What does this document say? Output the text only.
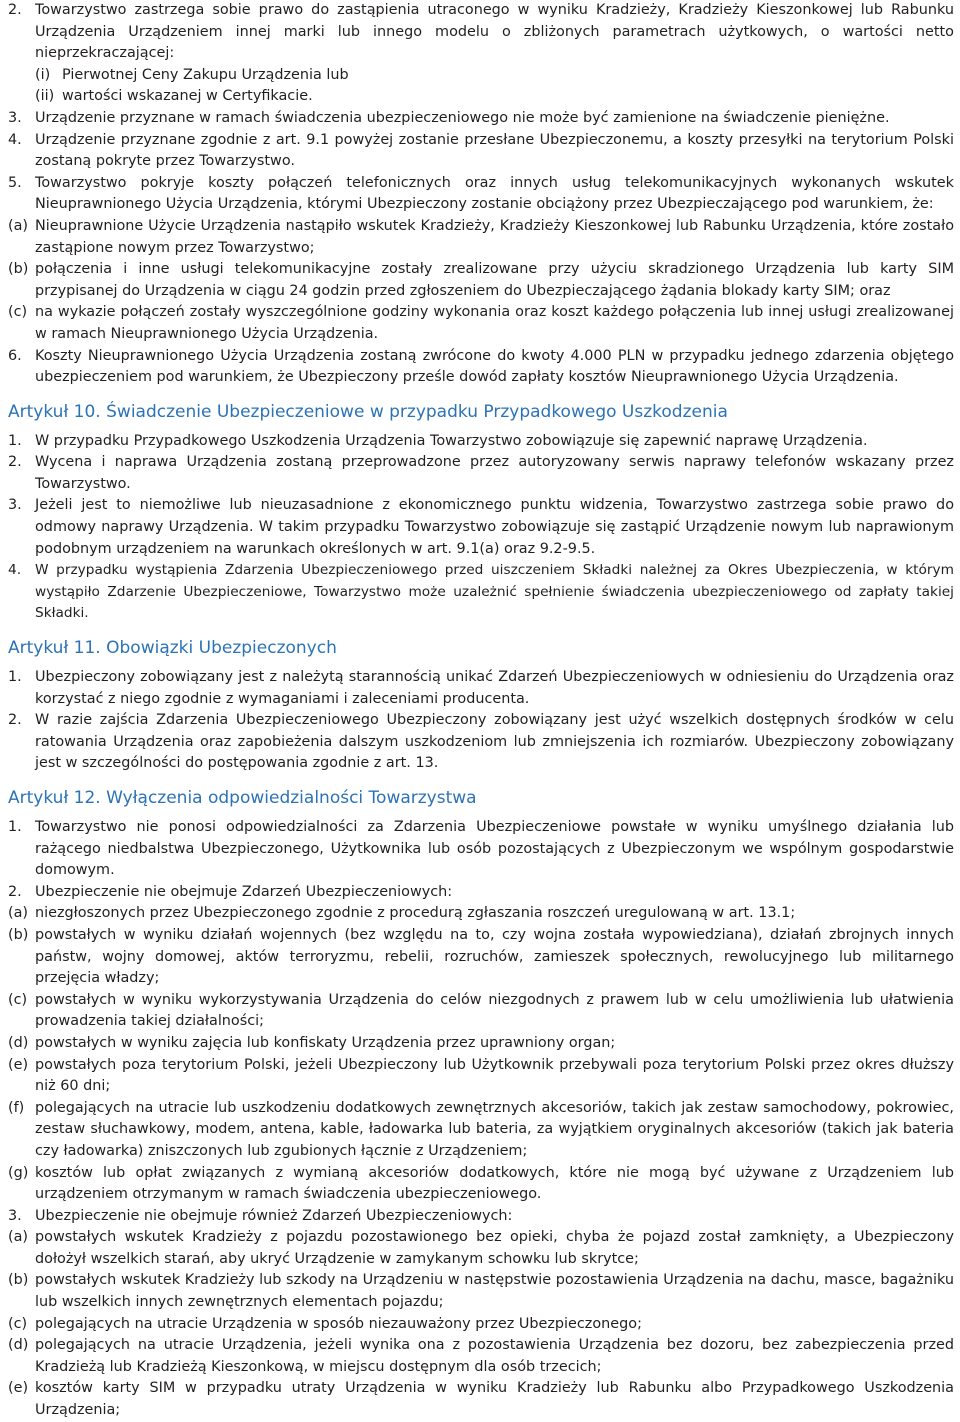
2. Towarzystwo zastrzega sobie prawo do zastąpienia utraconego w wyniku Kradzieży, Kradzieży Kieszonkowej lub Rabunku Urządzenia Urządzeniem innej marki lub innego modelu o zbliżonych parametrach użytkowych, o wartości netto nieprzekraczającej:
(i) Pierwotnej Ceny Zakupu Urządzenia lub
(ii) wartości wskazanej w Certyfikacie.
3. Urządzenie przyznane w ramach świadczenia ubezpieczeniowego nie może być zamienione na świadczenie pieniężne.
4. Urządzenie przyznane zgodnie z art. 9.1 powyżej zostanie przesłane Ubezpieczonemu, a koszty przesyłki na terytorium Polski zostaną pokryte przez Towarzystwo.
5. Towarzystwo pokryje koszty połączeń telefonicznych oraz innych usług telekomunikacyjnych wykonanych wskutek Nieuprawnionego Użycia Urządzenia, którymi Ubezpieczony zostanie obciążony przez Ubezpieczającego pod warunkiem, że:
(a) Nieuprawnione Użycie Urządzenia nastąpiło wskutek Kradzieży, Kradzieży Kieszonkowej lub Rabunku Urządzenia, które zostało zastąpione nowym przez Towarzystwo;
(b) połączenia i inne usługi telekomunikacyjne zostały zrealizowane przy użyciu skradzionego Urządzenia lub karty SIM przypisanej do Urządzenia w ciągu 24 godzin przed zgłoszeniem do Ubezpieczającego żądania blokady karty SIM; oraz
(c) na wykazie połączeń zostały wyszczególnione godziny wykonania oraz koszt każdego połączenia lub innej usługi zrealizowanej w ramach Nieuprawnionego Użycia Urządzenia.
6. Koszty Nieuprawnionego Użycia Urządzenia zostaną zwrócone do kwoty 4.000 PLN w przypadku jednego zdarzenia objętego ubezpieczeniem pod warunkiem, że Ubezpieczony prześle dowód zapłaty kosztów Nieuprawnionego Użycia Urządzenia.
Artykuł 10. Świadczenie Ubezpieczeniowe w przypadku Przypadkowego Uszkodzenia
1. W przypadku Przypadkowego Uszkodzenia Urządzenia Towarzystwo zobowiązuje się zapewnić naprawę Urządzenia.
2. Wycena i naprawa Urządzenia zostaną przeprowadzone przez autoryzowany serwis naprawy telefonów wskazany przez Towarzystwo.
3. Jeżeli jest to niemożliwe lub nieuzasadnione z ekonomicznego punktu widzenia, Towarzystwo zastrzega sobie prawo do odmowy naprawy Urządzenia. W takim przypadku Towarzystwo zobowiązuje się zastąpić Urządzenie nowym lub naprawionym podobnym urządzeniem na warunkach określonych w art. 9.1(a) oraz 9.2-9.5.
4.	W przypadku wystąpienia Zdarzenia Ubezpieczeniowego przed uiszczeniem Składki należnej za Okres Ubezpieczenia, w którym wystąpiło Zdarzenie Ubezpieczeniowe, Towarzystwo może uzależnić spełnienie świadczenia ubezpieczeniowego od zapłaty takiej Składki.
Artykuł 11. Obowiązki Ubezpieczonych
1. Ubezpieczony zobowiązany jest z należytą starannością unikać Zdarzeń Ubezpieczeniowych w odniesieniu do Urządzenia oraz korzystać z niego zgodnie z wymaganiami i zaleceniami producenta.
2. W razie zajścia Zdarzenia Ubezpieczeniowego Ubezpieczony zobowiązany jest użyć wszelkich dostępnych środków w celu ratowania Urządzenia oraz zapobieżenia dalszym uszkodzeniom lub zmniejszenia ich rozmiarów. Ubezpieczony zobowiązany jest w szczególności do postępowania zgodnie z art. 13.
Artykuł 12. Wyłączenia odpowiedzialności Towarzystwa
1. Towarzystwo nie ponosi odpowiedzialności za Zdarzenia Ubezpieczeniowe powstałe w wyniku umyślnego działania lub rażącego niedbalstwa Ubezpieczonego, Użytkownika lub osób pozostających z Ubezpieczonym we wspólnym gospodarstwie domowym.
2. Ubezpieczenie nie obejmuje Zdarzeń Ubezpieczeniowych:
(a) niezgłoszonych przez Ubezpieczonego zgodnie z procedurą zgłaszania roszczeń uregulowaną w art. 13.1;
(b) powstałych w wyniku działań wojennych (bez względu na to, czy wojna została wypowiedziana), działań zbrojnych innych państw, wojny domowej, aktów terroryzmu, rebelii, rozruchów, zamieszek społecznych, rewolucyjnego lub militarnego przejęcia władzy;
(c) powstałych w wyniku wykorzystywania Urządzenia do celów niezgodnych z prawem lub w celu umożliwienia lub ułatwienia prowadzenia takiej działalności;
(d) powstałych w wyniku zajęcia lub konfiskaty Urządzenia przez uprawniony organ;
(e) powstałych poza terytorium Polski, jeżeli Ubezpieczony lub Użytkownik przebywali poza terytorium Polski przez okres dłuższy niż 60 dni;
(f) polegających na utracie lub uszkodzeniu dodatkowych zewnętrznych akcesoriów, takich jak zestaw samochodowy, pokrowiec, zestaw słuchawkowy, modem, antena, kable, ładowarka lub bateria, za wyjątkiem oryginalnych akcesoriów (takich jak bateria czy ładowarka) zniszczonych lub zgubionych łącznie z Urządzeniem;
(g) kosztów lub opłat związanych z wymianą akcesoriów dodatkowych, które nie mogą być używane z Urządzeniem lub urządzeniem otrzymanym w ramach świadczenia ubezpieczeniowego.
3. Ubezpieczenie nie obejmuje również Zdarzeń Ubezpieczeniowych:
(a) powstałych wskutek Kradzieży z pojazdu pozostawionego bez opieki, chyba że pojazd został zamknięty, a Ubezpieczony dołożył wszelkich starań, aby ukryć Urządzenie w zamykanym schowku lub skrytce;
(b) powstałych wskutek Kradzieży lub szkody na Urządzeniu w następstwie pozostawienia Urządzenia na dachu, masce, bagażniku lub wszelkich innych zewnętrznych elementach pojazdu;
(c) polegających na utracie Urządzenia w sposób niezauważony przez Ubezpieczonego;
(d) polegających na utracie Urządzenia, jeżeli wynika ona z pozostawienia Urządzenia bez dozoru, bez zabezpieczenia przed Kradzieżą lub Kradzieżą Kieszonkową, w miejscu dostępnym dla osób trzecich;
(e) kosztów karty SIM w przypadku utraty Urządzenia w wyniku Kradzieży lub Rabunku albo Przypadkowego Uszkodzenia Urządzenia;
